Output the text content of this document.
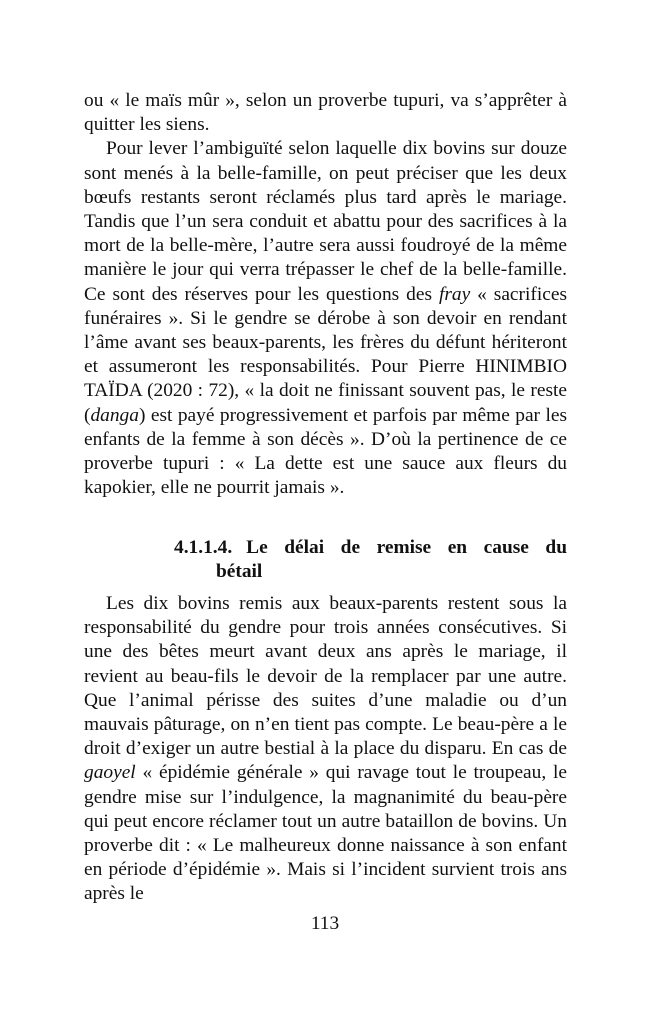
ou « le maïs mûr », selon un proverbe tupuri, va s’apprêter à quitter les siens.

Pour lever l’ambiguïté selon laquelle dix bovins sur douze sont menés à la belle-famille, on peut préciser que les deux bœufs restants seront réclamés plus tard après le mariage. Tandis que l’un sera conduit et abattu pour des sacrifices à la mort de la belle-mère, l’autre sera aussi foudroyé de la même manière le jour qui verra trépasser le chef de la belle-famille. Ce sont des réserves pour les questions des fray « sacrifices funéraires ». Si le gendre se dérobe à son devoir en rendant l’âme avant ses beaux-parents, les frères du défunt hériteront et assumeront les responsabilités. Pour Pierre HINIMBIO TAÏDA (2020 : 72), « la doit ne finissant souvent pas, le reste (danga) est payé progressivement et parfois par même par les enfants de la femme à son décès ». D’où la pertinence de ce proverbe tupuri : « La dette est une sauce aux fleurs du kapokier, elle ne pourrit jamais ».

4.1.1.4. Le délai de remise en cause du
bétail

Les dix bovins remis aux beaux-parents restent sous la responsabilité du gendre pour trois années consécutives. Si une des bêtes meurt avant deux ans après le mariage, il revient au beau-fils le devoir de la remplacer par une autre. Que l’animal périsse des suites d’une maladie ou d’un mauvais pâturage, on n’en tient pas compte. Le beau-père a le droit d’exiger un autre bestial à la place du disparu. En cas de gaoyel « épidémie générale » qui ravage tout le troupeau, le gendre mise sur l’indulgence, la magnanimité du beau-père qui peut encore réclamer tout un autre bataillon de bovins. Un proverbe dit : « Le malheureux donne naissance à son enfant en période d’épidémie ». Mais si l’incident survient trois ans après le

113
